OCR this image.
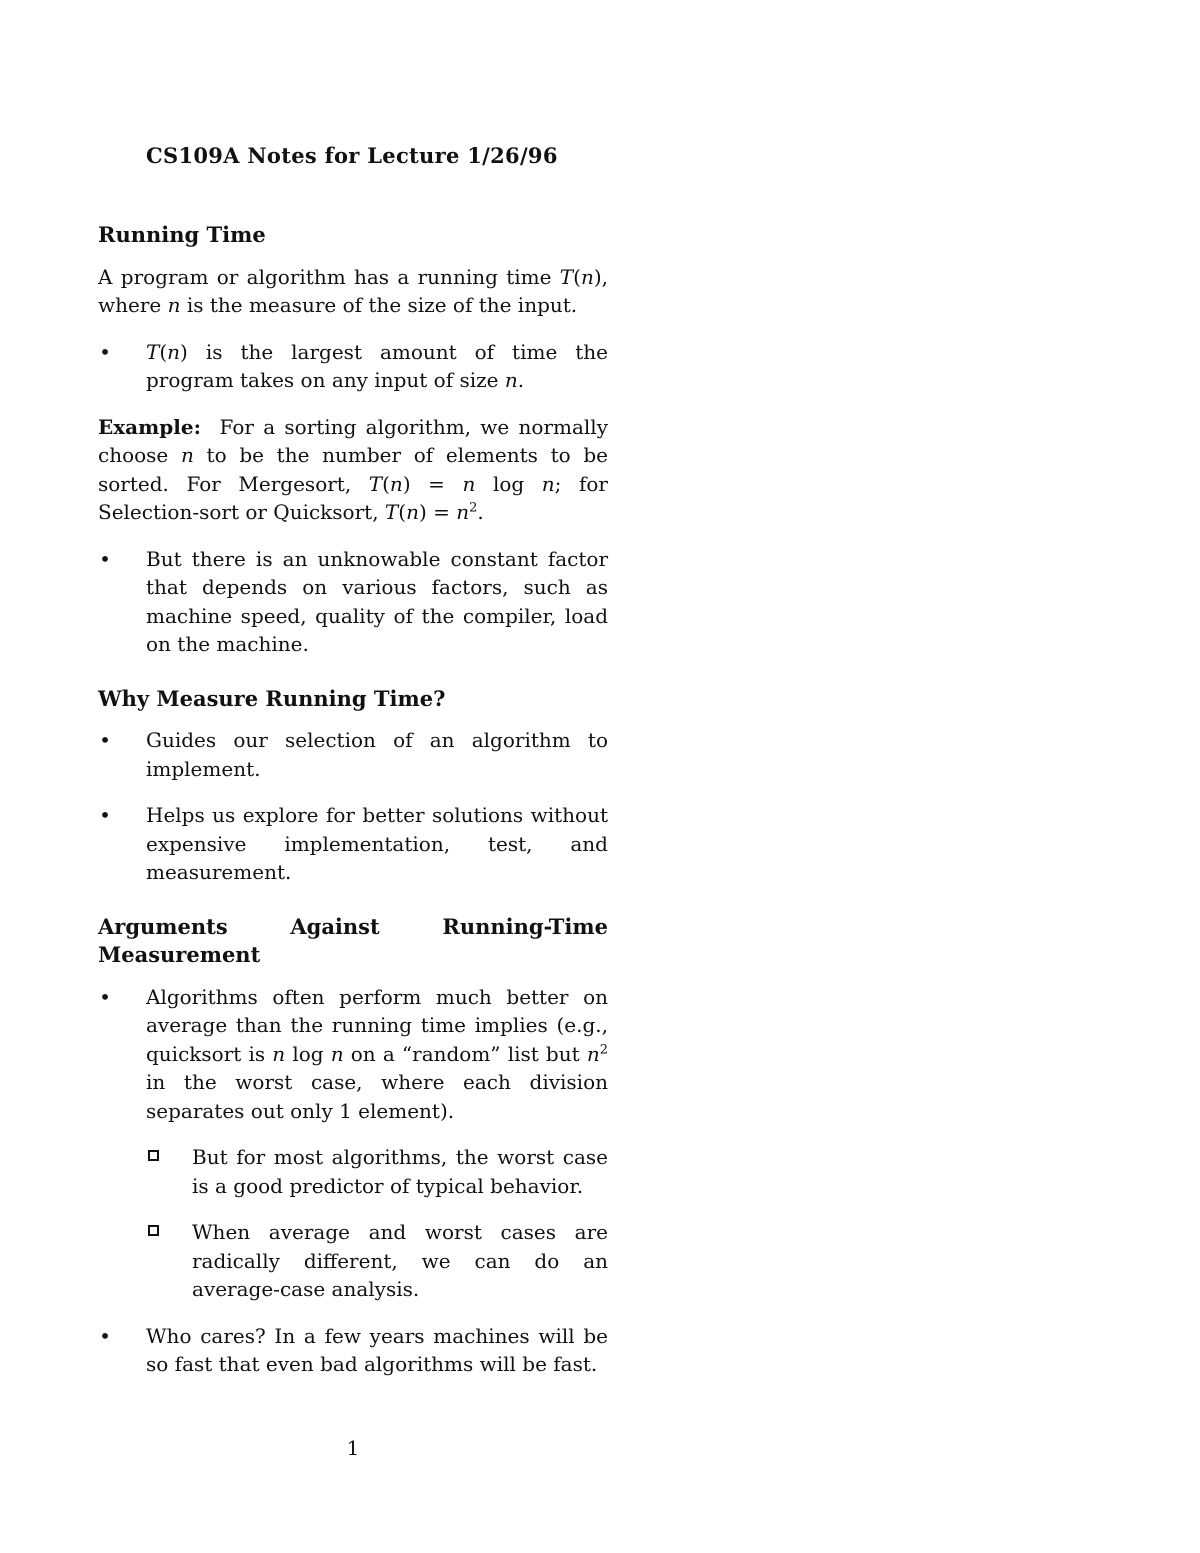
CS109A Notes for Lecture 1/26/96
Running Time

A program or algorithm has a running time T(n), where n is the measure of the size of the input.

• T(n) is the largest amount of time the program takes on any input of size n.

Example:  For a sorting algorithm, we normally choose n to be the number of elements to be sorted. For Mergesort, T(n) = n log n; for Selection-sort or Quicksort, $T(n) = n^2$.

• But there is an unknowable constant factor that depends on various factors, such as machine speed, quality of the compiler, load on the machine.

Why Measure Running Time?
• Guides our selection of an algorithm to implement.

• Helps us explore for better solutions without expensive implementation, test, and measurement.

Arguments Against Running-Time Measurement
• Algorithms often perform much better on average than the running time implies (e.g., quicksort is n log n on a “random” list but $n^2$ in the worst case, where each division separates out only 1 element).

But for most algorithms, the worst case is a good predictor of typical behavior.

When average and worst cases are radically different, we can do an average-case analysis.

• Who cares? In a few years machines will be so fast that even bad algorithms will be fast.

1
